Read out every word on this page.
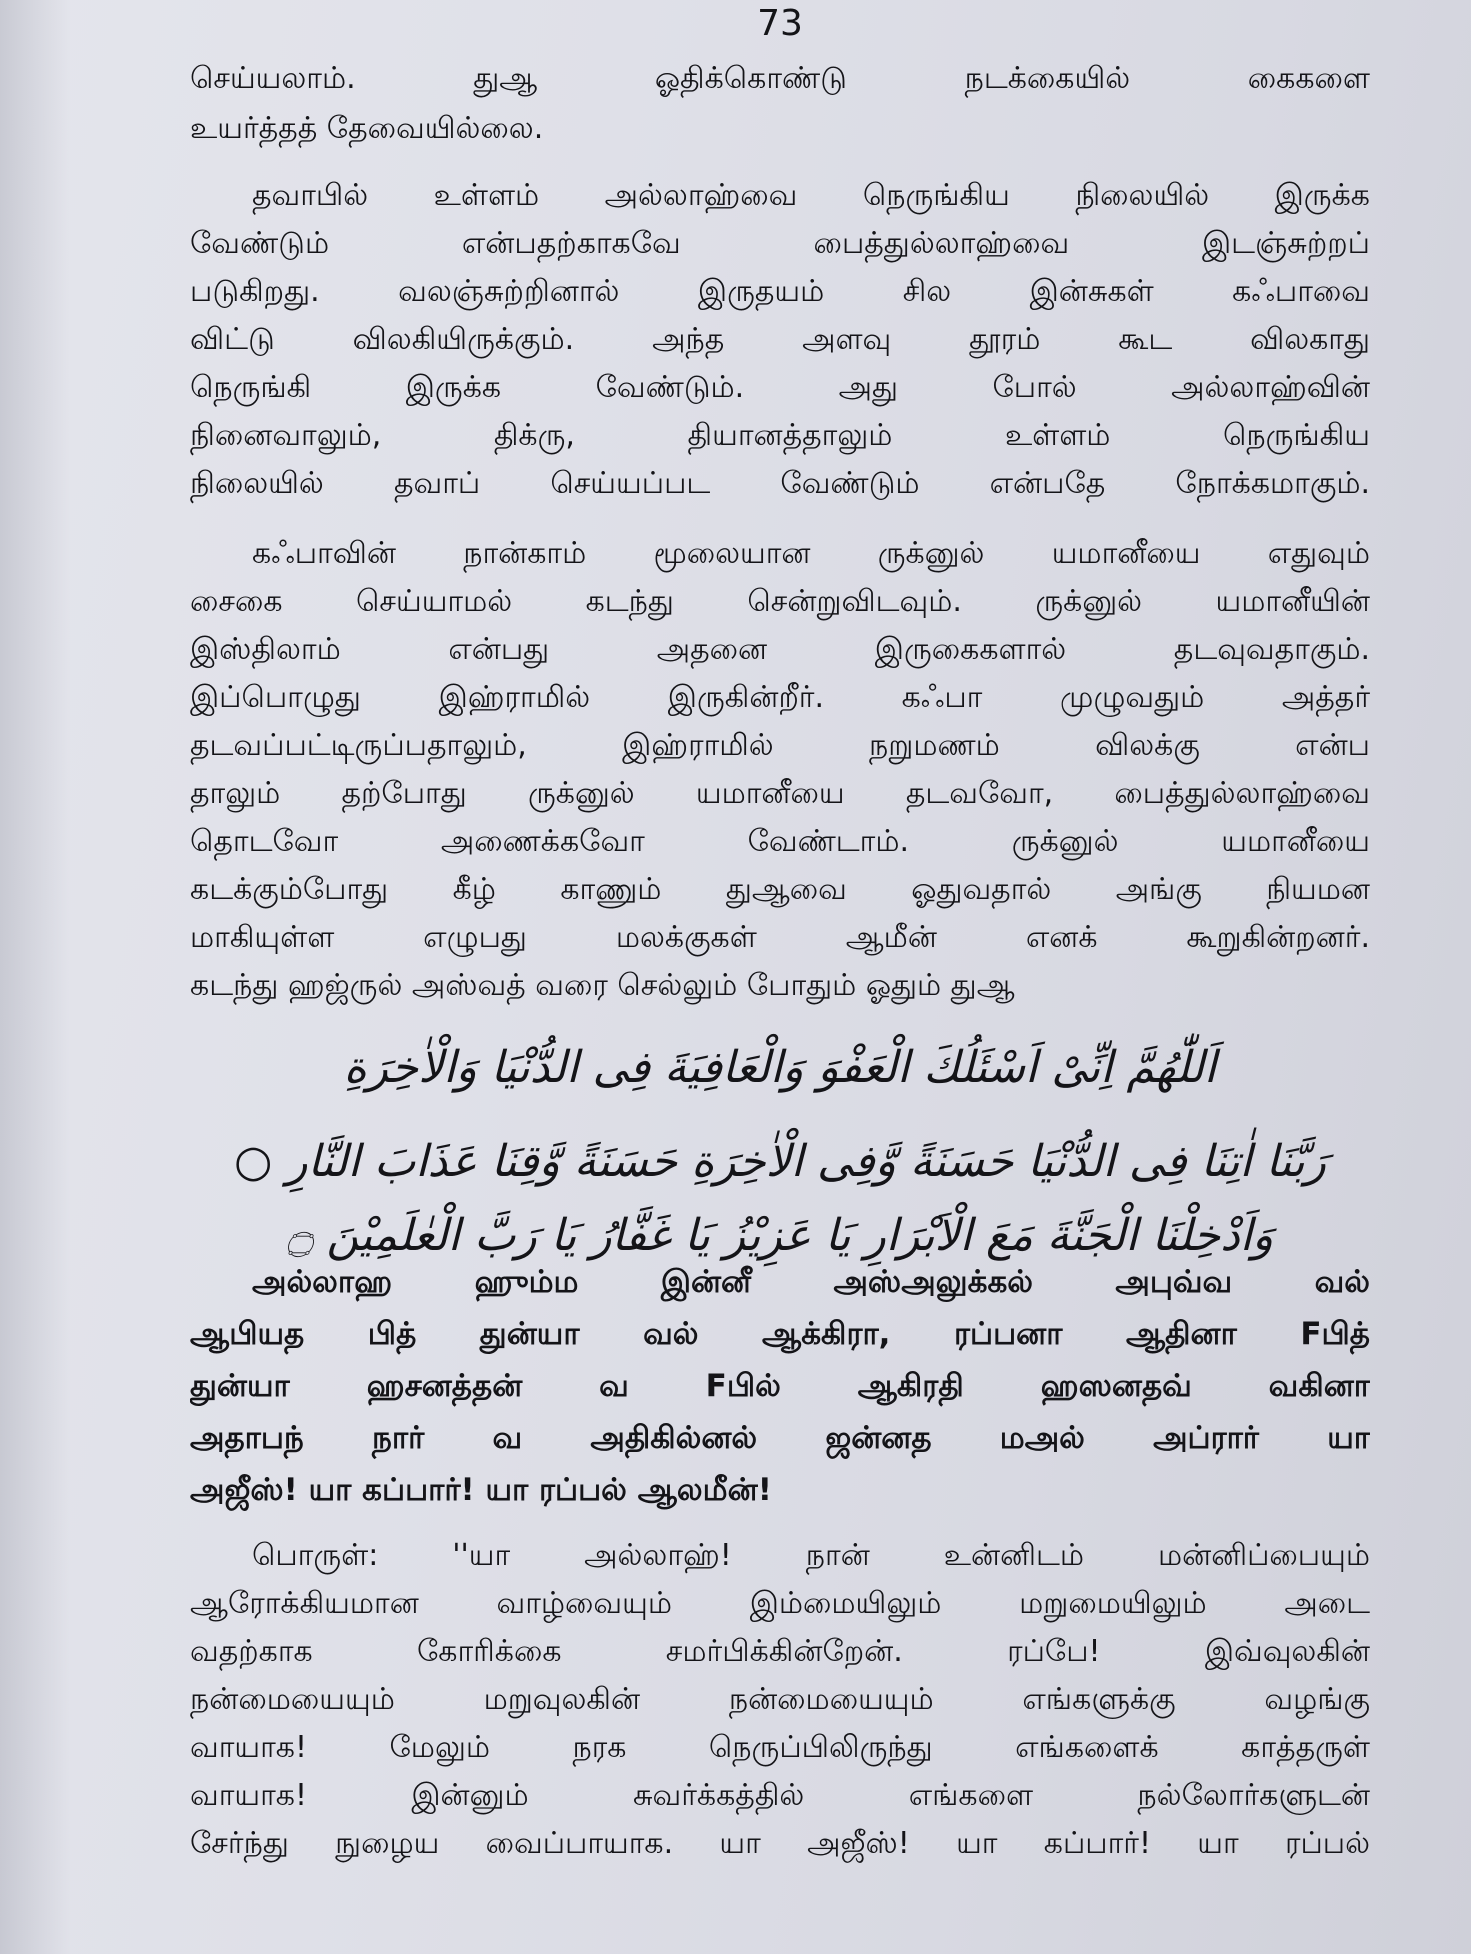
73
செய்யலாம். துஆ ஓதிக்கொண்டு நடக்கையில் கைகளை
உயர்த்தத் தேவையில்லை.
தவாபில் உள்ளம் அல்லாஹ்வை நெருங்கிய நிலையில் இருக்க
வேண்டும் என்பதற்காகவே பைத்துல்லாஹ்வை இடஞ்சுற்றப்
படுகிறது. வலஞ்சுற்றினால் இருதயம் சில இன்சுகள் கஃபாவை
விட்டு விலகியிருக்கும். அந்த அளவு தூரம் கூட விலகாது
நெருங்கி இருக்க வேண்டும். அது போல் அல்லாஹ்வின்
நினைவாலும், திக்ரு, தியானத்தாலும் உள்ளம் நெருங்கிய
நிலையில் தவாப் செய்யப்பட வேண்டும் என்பதே நோக்கமாகும்.
கஃபாவின் நான்காம் மூலையான ருக்னுல் யமானீயை எதுவும்
சைகை செய்யாமல் கடந்து சென்றுவிடவும். ருக்னுல் யமானீயின்
இஸ்திலாம் என்பது அதனை இருகைகளால் தடவுவதாகும்.
இப்பொழுது இஹ்ராமில் இருகின்றீர். கஃபா முழுவதும் அத்தர்
தடவப்பட்டிருப்பதாலும், இஹ்ராமில் நறுமணம் விலக்கு என்ப
தாலும் தற்போது ருக்னுல் யமானீயை தடவவோ, பைத்துல்லாஹ்வை
தொடவோ அணைக்கவோ வேண்டாம். ருக்னுல் யமானீயை
கடக்கும்போது கீழ் காணும் துஆவை ஓதுவதால் அங்கு நியமன
மாகியுள்ள எழுபது மலக்குகள் ஆமீன் எனக் கூறுகின்றனர்.
கடந்து ஹஜ்ருல் அஸ்வத் வரை செல்லும் போதும் ஓதும் துஆ
اَللّٰهُمَّ اِنِّیْ اَسْئَلُكَ الْعَفْوَ وَالْعَافِیَةَ فِی الدُّنْیَا وَالْاٰخِرَةِ
رَبَّنَا اٰتِنَا فِی الدُّنْیَا حَسَنَةً وَّفِی الْاٰخِرَةِ حَسَنَةً وَّقِنَا عَذَابَ النَّارِ ○
وَاَدْخِلْنَا الْجَنَّةَ مَعَ الْاَبْرَارِ یَا عَزِیْزُ یَا غَفَّارُ یَا رَبَّ الْعٰلَمِیْنَ ۝
அல்லாஹ ஹும்ம இன்னீ அஸ்அலுக்கல் அபுவ்வ வல்
ஆபியத பித் துன்யா வல் ஆக்கிரா, ரப்பனா ஆதினா Fபித்
துன்யா ஹசனத்தன் வ Fபில் ஆகிரதி ஹஸனதவ் வகினா
அதாபந் நார் வ அதிகில்னல் ஜன்னத மஅல் அப்ரார் யா
அஜீஸ்! யா கப்பார்! யா ரப்பல் ஆலமீன்!
பொருள்: ''யா அல்லாஹ்! நான் உன்னிடம் மன்னிப்பையும்
ஆரோக்கியமான வாழ்வையும் இம்மையிலும் மறுமையிலும் அடை
வதற்காக கோரிக்கை சமர்பிக்கின்றேன். ரப்பே! இவ்வுலகின்
நன்மையையும் மறுவுலகின் நன்மையையும் எங்களுக்கு வழங்கு
வாயாக! மேலும் நரக நெருப்பிலிருந்து எங்களைக் காத்தருள்
வாயாக! இன்னும் சுவர்க்கத்தில் எங்களை நல்லோர்களுடன்
சேர்ந்து நுழைய வைப்பாயாக. யா அஜீஸ்! யா கப்பார்! யா ரப்பல்
